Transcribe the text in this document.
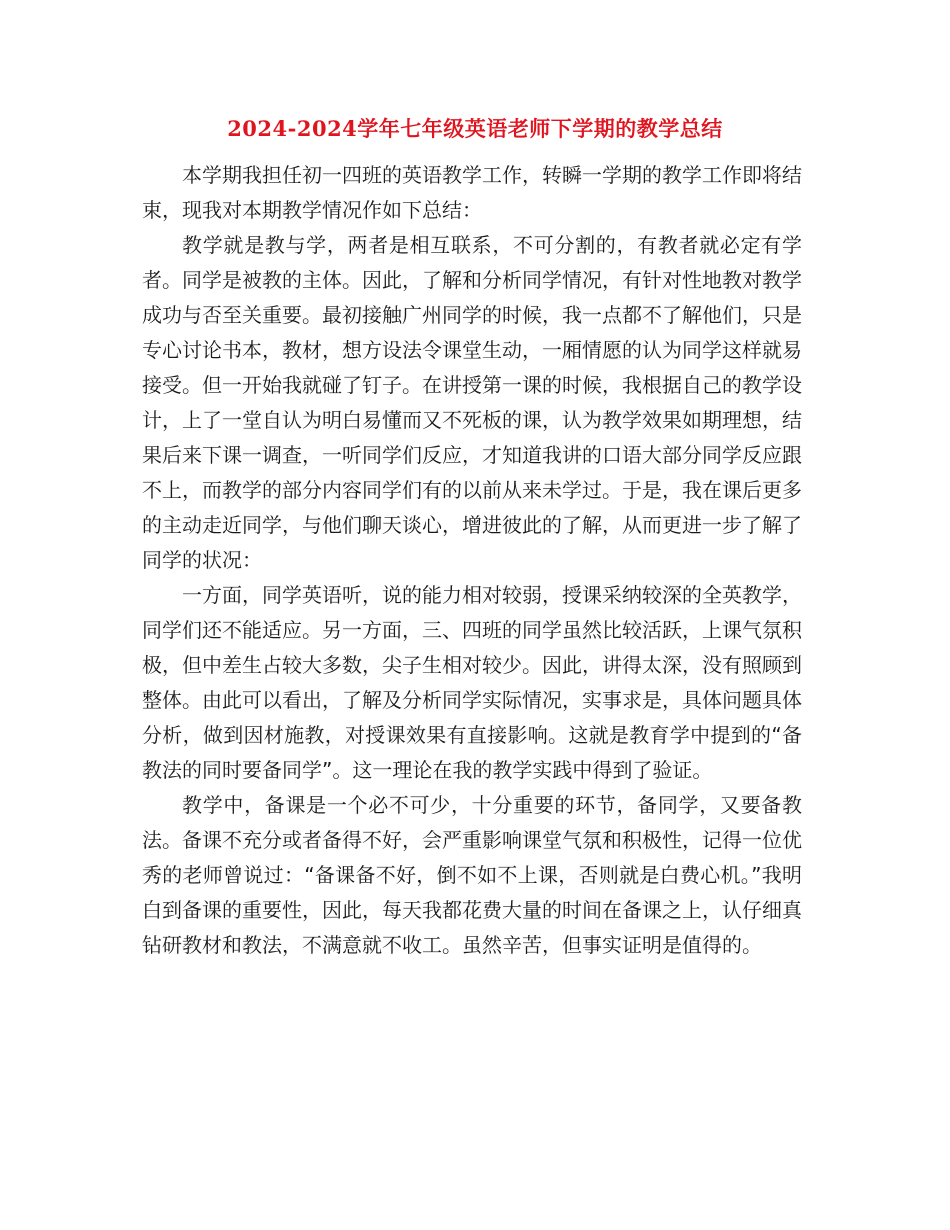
2024-2024学年七年级英语老师下学期的教学总结

本学期我担任初一四班的英语教学工作，转瞬一学期的教学工作即将结束，现我对本期教学情况作如下总结：

教学就是教与学，两者是相互联系，不可分割的，有教者就必定有学者。同学是被教的主体。因此，了解和分析同学情况，有针对性地教对教学成功与否至关重要。最初接触广州同学的时候，我一点都不了解他们，只是专心讨论书本，教材，想方设法令课堂生动，一厢情愿的认为同学这样就易接受。但一开始我就碰了钉子。在讲授第一课的时候，我根据自己的教学设计，上了一堂自认为明白易懂而又不死板的课，认为教学效果如期理想，结果后来下课一调查，一听同学们反应，才知道我讲的口语大部分同学反应跟不上，而教学的部分内容同学们有的以前从来未学过。于是，我在课后更多的主动走近同学，与他们聊天谈心，增进彼此的了解，从而更进一步了解了同学的状况：

一方面，同学英语听，说的能力相对较弱，授课采纳较深的全英教学，同学们还不能适应。另一方面，三、四班的同学虽然比较活跃，上课气氛积极，但中差生占较大多数，尖子生相对较少。因此，讲得太深，没有照顾到整体。由此可以看出，了解及分析同学实际情况，实事求是，具体问题具体分析，做到因材施教，对授课效果有直接影响。这就是教育学中提到的“备教法的同时要备同学”。这一理论在我的教学实践中得到了验证。

教学中，备课是一个必不可少，十分重要的环节，备同学，又要备教法。备课不充分或者备得不好，会严重影响课堂气氛和积极性，记得一位优秀的老师曾说过：“备课备不好，倒不如不上课，否则就是白费心机。”我明白到备课的重要性，因此，每天我都花费大量的时间在备课之上，认仔细真钻研教材和教法，不满意就不收工。虽然辛苦，但事实证明是值得的。
